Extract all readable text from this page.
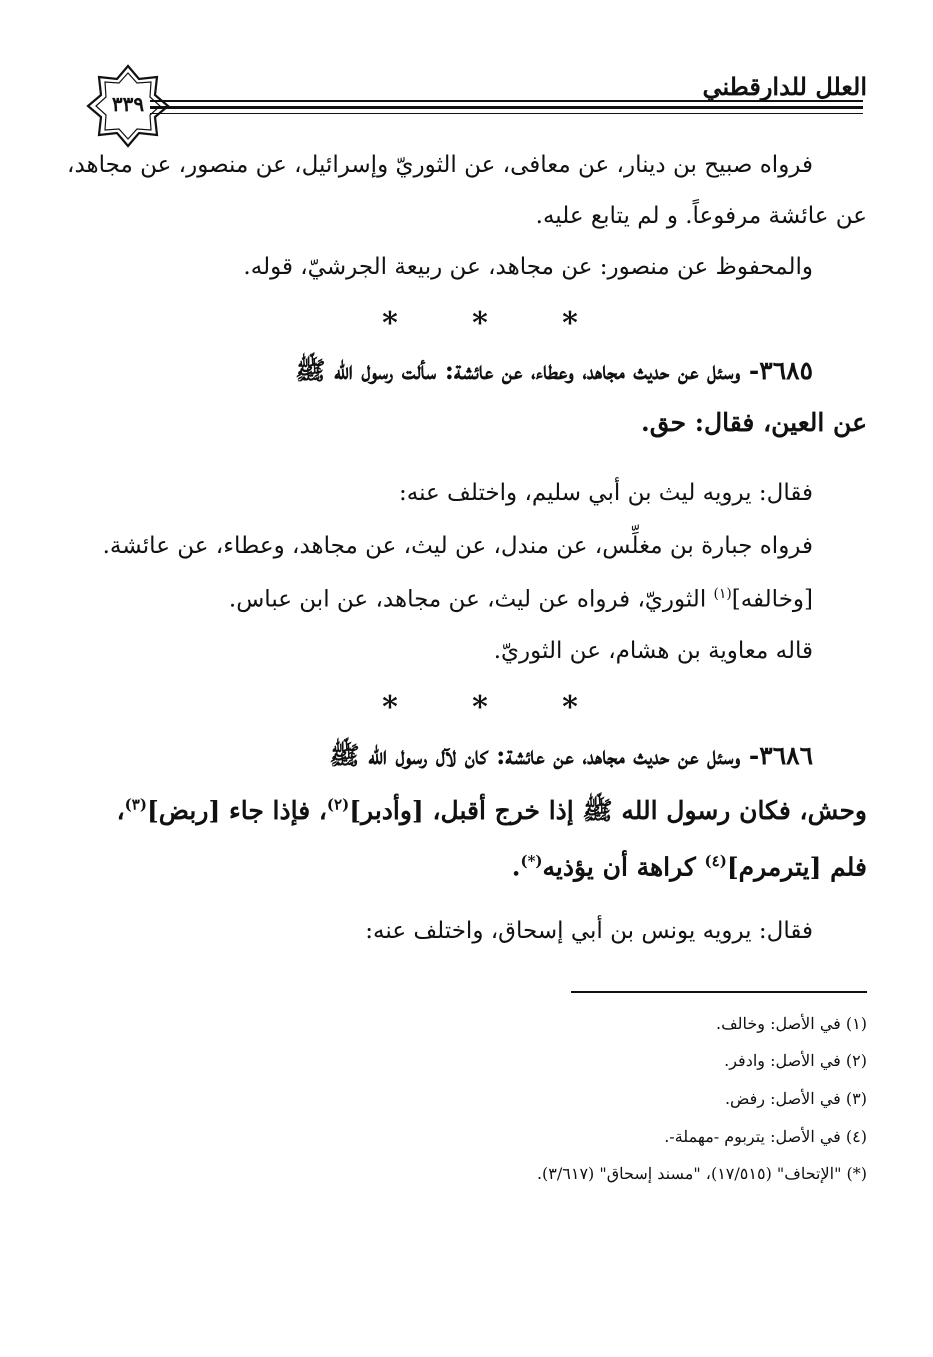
العلل للدارقطني
٣٣٩
فرواه صبيح بن دينار، عن معافى، عن الثوريّ وإسرائيل، عن منصور، عن مجاهد،
عن عائشة مرفوعاً. و لم يتابع عليه.
والمحفوظ عن منصور: عن مجاهد، عن ربيعة الجرشيّ، قوله.
* * *
٣٦٨٥- وسئل عن حديث مجاهد، وعطاء، عن عائشة: سألت رسول الله ﷺ
عن العين، فقال: حق.
فقال: يرويه ليث بن أبي سليم، واختلف عنه:
فرواه جبارة بن مغلِّس، عن مندل، عن ليث، عن مجاهد، وعطاء، عن عائشة.
[وخالفه]$^{(١)}$ الثوريّ، فرواه عن ليث، عن مجاهد، عن ابن عباس.
قاله معاوية بن هشام، عن الثوريّ.
* * *
٣٦٨٦- وسئل عن حديث مجاهد، عن عائشة: كان لآل رسول الله ﷺ
وحش، فكان رسول الله ﷺ إذا خرج أقبل، [وأدبر]$^{(٢)}$، فإذا جاء [ربض]$^{(٣)}$،
فلم [يترمرم]$^{(٤)}$ كراهة أن يؤذيه(*).
فقال: يرويه يونس بن أبي إسحاق، واختلف عنه:
(١) في الأصل: وخالف.
(٢) في الأصل: وادفر.
(٣) في الأصل: رفض.
(٤) في الأصل: يتربوم -مهملة-.
(*) "الإتحاف" (١٧/٥١٥)، "مسند إسحاق" (٣/٦١٧).
